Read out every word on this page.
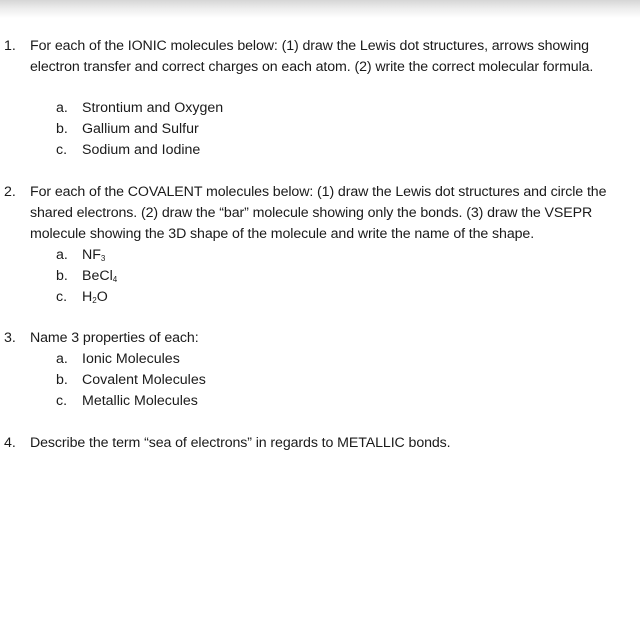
1. For each of the IONIC molecules below: (1) draw the Lewis dot structures, arrows showing electron transfer and correct charges on each atom. (2) write the correct molecular formula.
a. Strontium and Oxygen
b. Gallium and Sulfur
c. Sodium and Iodine
2. For each of the COVALENT molecules below: (1) draw the Lewis dot structures and circle the shared electrons. (2) draw the “bar” molecule showing only the bonds. (3) draw the VSEPR molecule showing the 3D shape of the molecule and write the name of the shape.
a. $NF_3$
b. BeCl$_4$
c. $H_2O$
3. Name 3 properties of each:
a. Ionic Molecules
b. Covalent Molecules
c. Metallic Molecules
4. Describe the term “sea of electrons” in regards to METALLIC bonds.
